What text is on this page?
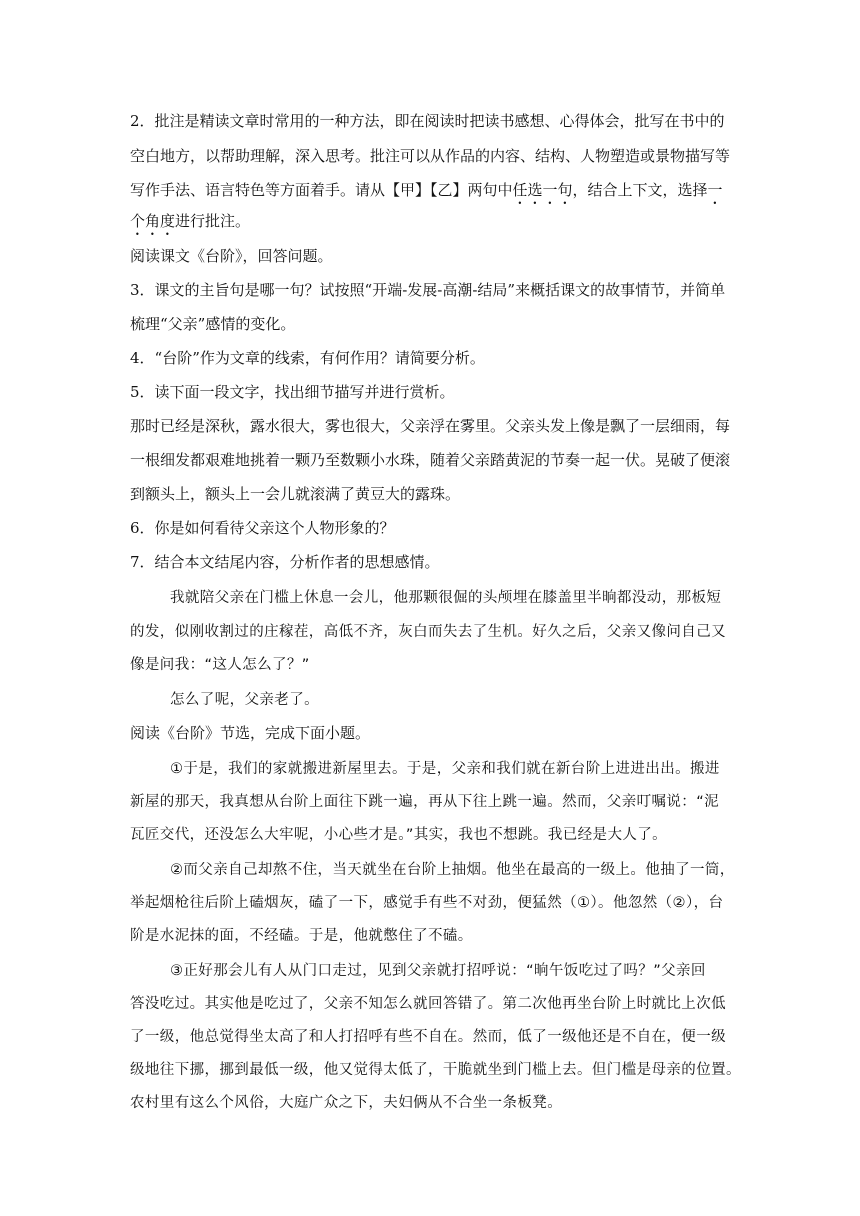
2．批注是精读文章时常用的一种方法，即在阅读时把读书感想、心得体会，批写在书中的
空白地方，以帮助理解，深入思考。批注可以从作品的内容、结构、人物塑造或景物描写等
写作手法、语言特色等方面着手。请从【甲】【乙】两句中任选一句，结合上下文，选择一
个角度进行批注。
阅读课文《台阶》，回答问题。
3．课文的主旨句是哪一句？试按照“开端-发展-高潮-结局”来概括课文的故事情节，并简单
梳理“父亲”感情的变化。
4．“台阶”作为文章的线索，有何作用？请简要分析。
5．读下面一段文字，找出细节描写并进行赏析。
那时已经是深秋，露水很大，雾也很大，父亲浮在雾里。父亲头发上像是飘了一层细雨，每
一根细发都艰难地挑着一颗乃至数颗小水珠，随着父亲踏黄泥的节奏一起一伏。晃破了便滚
到额头上，额头上一会儿就滚满了黄豆大的露珠。
6．你是如何看待父亲这个人物形象的？
7．结合本文结尾内容，分析作者的思想感情。
我就陪父亲在门槛上休息一会儿，他那颗很倔的头颅埋在膝盖里半晌都没动，那板短
的发，似刚收割过的庄稼茬，高低不齐，灰白而失去了生机。好久之后，父亲又像问自己又
像是问我：“这人怎么了？”
怎么了呢，父亲老了。
阅读《台阶》节选，完成下面小题。
①于是，我们的家就搬进新屋里去。于是，父亲和我们就在新台阶上进进出出。搬进
新屋的那天，我真想从台阶上面往下跳一遍，再从下往上跳一遍。然而，父亲叮嘱说：“泥
瓦匠交代，还没怎么大牢呢，小心些才是。”其实，我也不想跳。我已经是大人了。
②而父亲自己却熬不住，当天就坐在台阶上抽烟。他坐在最高的一级上。他抽了一筒，
举起烟枪往后阶上磕烟灰，磕了一下，感觉手有些不对劲，便猛然（①）。他忽然（②），台
阶是水泥抹的面，不经磕。于是，他就憋住了不磕。
③正好那会儿有人从门口走过，见到父亲就打招呼说：“晌午饭吃过了吗？”父亲回
答没吃过。其实他是吃过了，父亲不知怎么就回答错了。第二次他再坐台阶上时就比上次低
了一级，他总觉得坐太高了和人打招呼有些不自在。然而，低了一级他还是不自在，便一级
级地往下挪，挪到最低一级，他又觉得太低了，干脆就坐到门槛上去。但门槛是母亲的位置。
农村里有这么个风俗，大庭广众之下，夫妇俩从不合坐一条板凳。
